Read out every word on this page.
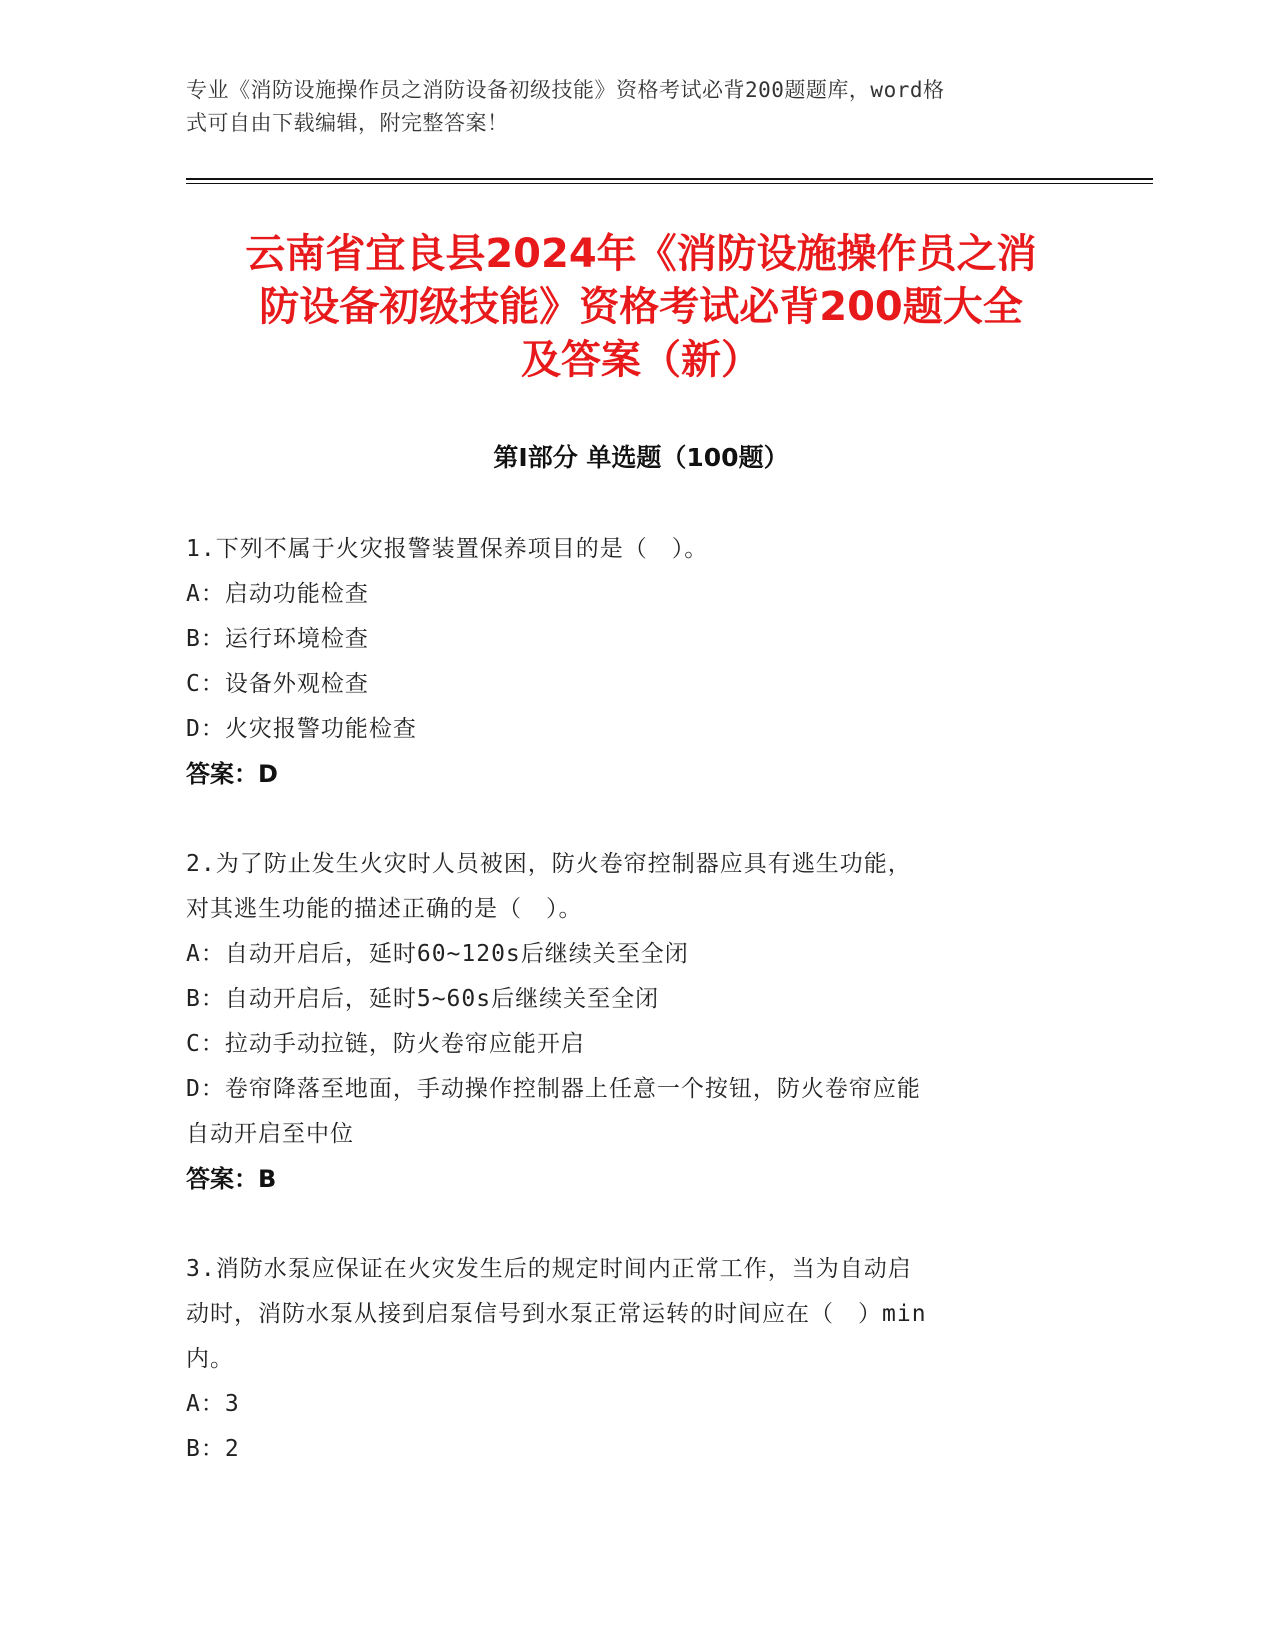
专业《消防设施操作员之消防设备初级技能》资格考试必背200题题库，word格
式可自由下载编辑，附完整答案！
云南省宜良县2024年《消防设施操作员之消
防设备初级技能》资格考试必背200题大全
及答案（新）
第Ⅰ部分 单选题（100题）

1.下列不属于火灾报警装置保养项目的是（　）。

A：启动功能检查

B：运行环境检查

C：设备外观检查

D：火灾报警功能检查

答案：D

2.为了防止发生火灾时人员被困，防火卷帘控制器应具有逃生功能，

对其逃生功能的描述正确的是（　）。

A：自动开启后，延时60~120s后继续关至全闭

B：自动开启后，延时5~60s后继续关至全闭

C：拉动手动拉链，防火卷帘应能开启

D：卷帘降落至地面，手动操作控制器上任意一个按钮，防火卷帘应能

自动开启至中位

答案：B

3.消防水泵应保证在火灾发生后的规定时间内正常工作，当为自动启

动时，消防水泵从接到启泵信号到水泵正常运转的时间应在（　）min

内。

A：3

B：2
